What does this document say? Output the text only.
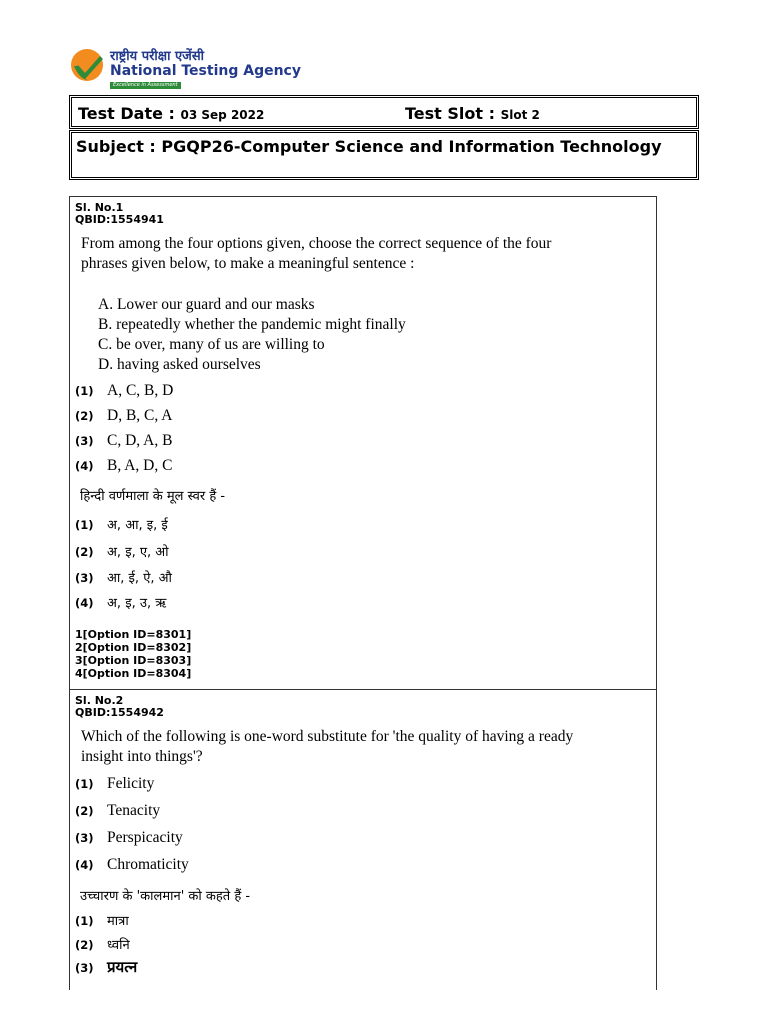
राष्ट्रीय परीक्षा एजेंसी
National Testing Agency
Excellence in Assessment
Test Date : 03 Sep 2022	Test Slot : Slot 2
Subject : PGQP26-Computer Science and Information Technology
Sl. No.1
QBID:1554941
From among the four options given, choose the correct sequence of the four
phrases given below, to make a meaningful sentence :
A. Lower our guard and our masks
B. repeatedly whether the pandemic might finally
C. be over, many of us are willing to
D. having asked ourselves
(1) A, C, B, D
(2) D, B, C, A
(3) C, D, A, B
(4) B, A, D, C
हिन्दी वर्णमाला के मूल स्वर हैं -
(1) अ, आ, इ, ई
(2) अ, इ, ए, ओ
(3) आ, ई, ऐ, औ
(4) अ, इ, उ, ऋ
1[Option ID=8301]
2[Option ID=8302]
3[Option ID=8303]
4[Option ID=8304]
Sl. No.2
QBID:1554942
Which of the following is one-word substitute for 'the quality of having a ready
insight into things'?
(1) Felicity
(2) Tenacity
(3) Perspicacity
(4) Chromaticity
उच्चारण के 'कालमान' को कहते हैं -
(1) मात्रा
(2) ध्वनि
(3) प्रयत्न
